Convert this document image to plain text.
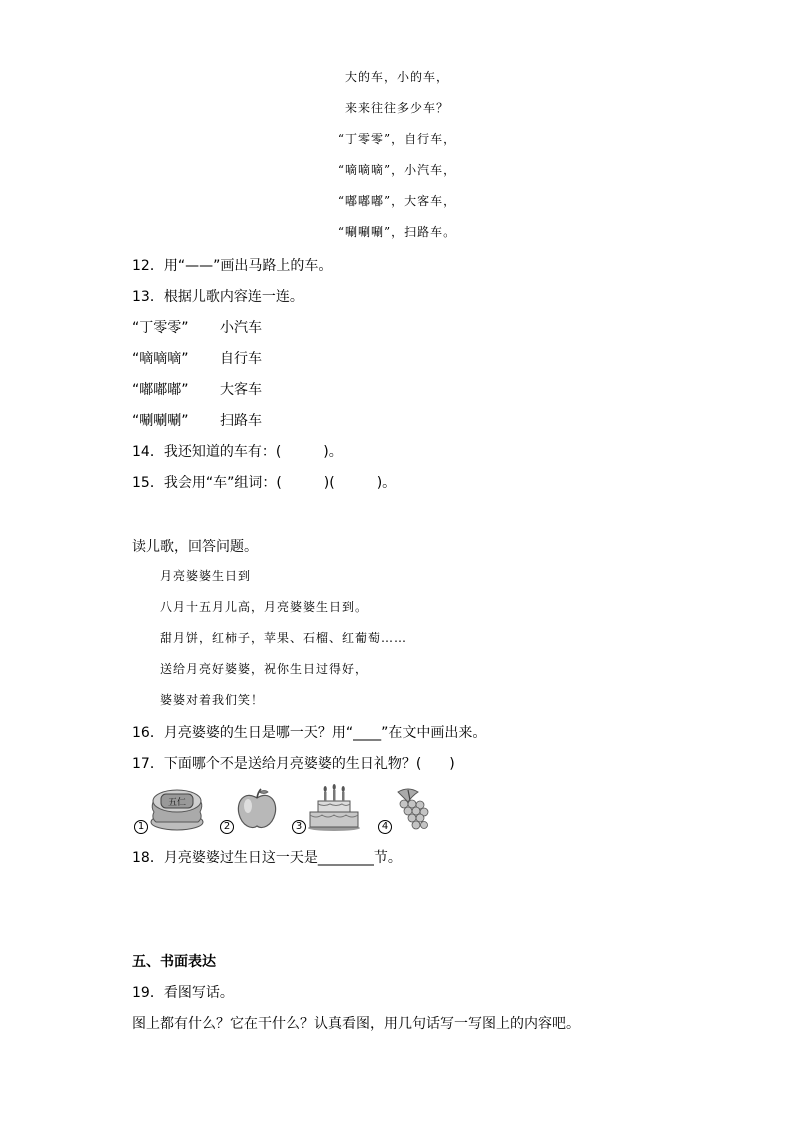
大的车，小的车，
来来往往多少车？
“丁零零”，自行车，
“嘀嘀嘀”，小汽车，
“嘟嘟嘟”，大客车，
“唰唰唰”，扫路车。
12．用“——”画出马路上的车。
13．根据儿歌内容连一连。
“丁零零” 小汽车
“嘀嘀嘀” 自行车
“嘟嘟嘟” 大客车
“唰唰唰” 扫路车
14．我还知道的车有：(　　　)。
15．我会用“车”组词：(　　　)(　　　)。
读儿歌，回答问题。
月亮婆婆生日到
八月十五月儿高，月亮婆婆生日到。
甜月饼，红柿子，苹果、石榴、红葡萄……
送给月亮好婆婆，祝你生日过得好，
婆婆对着我们笑！
16．月亮婆婆的生日是哪一天？用“____”在文中画出来。
17．下面哪个不是送给月亮婆婆的生日礼物？(　　)
1
五仁
2	3	4
18．月亮婆婆过生日这一天是________节。
五、书面表达
19．看图写话。
图上都有什么？它在干什么？认真看图，用几句话写一写图上的内容吧。
